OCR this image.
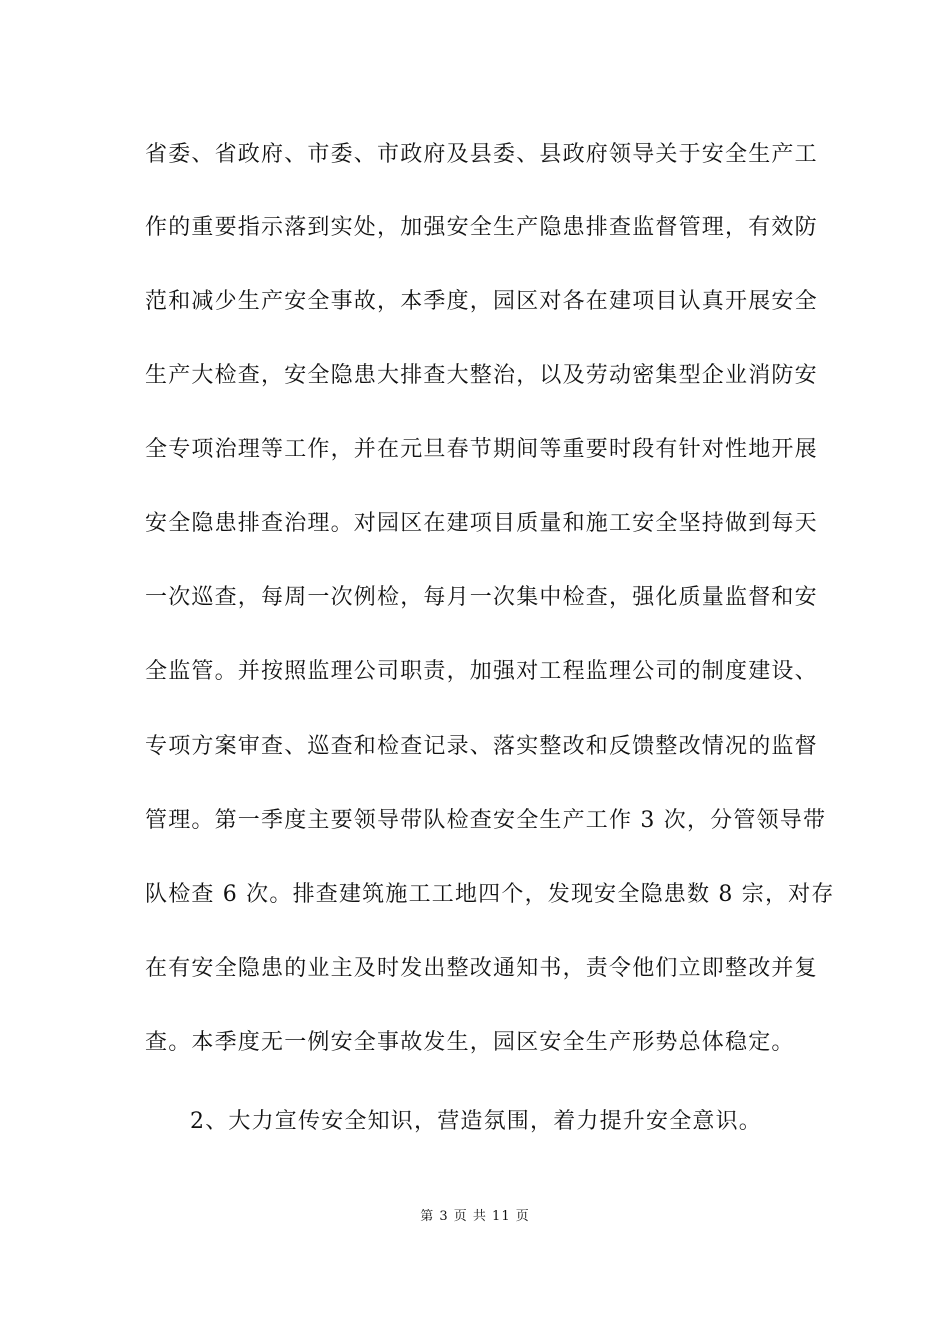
省委、省政府、市委、市政府及县委、县政府领导关于安全生产工
作的重要指示落到实处，加强安全生产隐患排查监督管理，有效防
范和减少生产安全事故，本季度，园区对各在建项目认真开展安全
生产大检查，安全隐患大排查大整治，以及劳动密集型企业消防安
全专项治理等工作，并在元旦春节期间等重要时段有针对性地开展
安全隐患排查治理。对园区在建项目质量和施工安全坚持做到每天
一次巡查，每周一次例检，每月一次集中检查，强化质量监督和安
全监管。并按照监理公司职责，加强对工程监理公司的制度建设、
专项方案审查、巡查和检查记录、落实整改和反馈整改情况的监督
管理。第一季度主要领导带队检查安全生产工作 3 次，分管领导带
队检查 6 次。排查建筑施工工地四个，发现安全隐患数 8 宗，对存
在有安全隐患的业主及时发出整改通知书，责令他们立即整改并复
查。本季度无一例安全事故发生，园区安全生产形势总体稳定。
2、大力宣传安全知识，营造氛围，着力提升安全意识。
第 3 页 共 11 页
